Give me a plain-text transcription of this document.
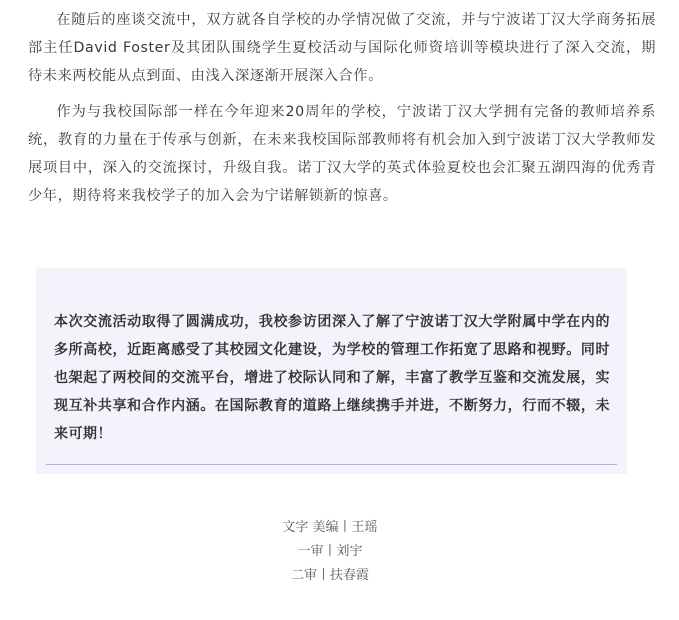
在随后的座谈交流中，双方就各自学校的办学情况做了交流，并与宁波诺丁汉大学商务拓展部主任David Foster及其团队围绕学生夏校活动与国际化师资培训等模块进行了深入交流，期待未来两校能从点到面、由浅入深逐渐开展深入合作。

作为与我校国际部一样在今年迎来20周年的学校，宁波诺丁汉大学拥有完备的教师培养系统，教育的力量在于传承与创新，在未来我校国际部教师将有机会加入到宁波诺丁汉大学教师发展项目中，深入的交流探讨，升级自我。诺丁汉大学的英式体验夏校也会汇聚五湖四海的优秀青少年，期待将来我校学子的加入会为宁诺解锁新的惊喜。

本次交流活动取得了圆满成功，我校参访团深入了解了宁波诺丁汉大学附属中学在内的多所高校，近距离感受了其校园文化建设，为学校的管理工作拓宽了思路和视野。同时也架起了两校间的交流平台，增进了校际认同和了解，丰富了教学互鉴和交流发展，实现互补共享和合作内涵。在国际教育的道路上继续携手并进，不断努力，行而不辍，未来可期！

文字 美编丨王瑶
一审丨刘宇
二审丨扶春霞
